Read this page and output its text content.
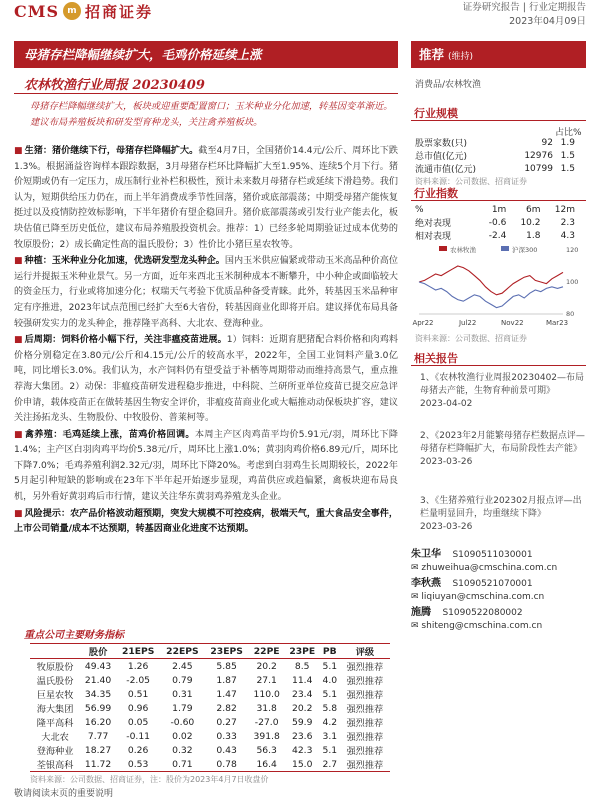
CMS m 招商证券	证券研究报告 | 行业定期报告
2023年04月09日
母猪存栏降幅继续扩大，毛鸡价格延续上涨	推荐 (维持)
农林牧渔行业周报 20230409
母猪存栏降幅继续扩大，板块或迎重要配置窗口；玉米种业分化加速，转基因变革渐近。建议布局养殖板块和研发型育种龙头，关注禽养殖板块。
■ 生猪：猪价继续下行，母猪存栏降幅扩大。截至4月7日，全国猪价14.4元/公斤、周环比下跌1.3%。根据涌益咨询样本跟踪数据，3月母猪存栏环比降幅扩大至1.95%、连续5个月下行。猪价短期或仍有一定压力，成压制行业补栏积极性，预计未来数月母猪存栏或延续下滑趋势。我们认为，短期供给压力仍在，而上半年消费成季节性回落，猪价或底部震荡；中期受母猪产能恢复挺过以及疫情防控效标影响，下半年猪价有望企稳回升。猪价底部震荡或引发行业产能去化，板块估值已降至历史低位，建议布局养殖股投资机会。推荐：1）已经多轮周期验证过成本优势的牧原股份；2）成长确定性高的温氏股份；3）性价比小猪巨星农牧等。
■ 种植：玉米种业分化加速，优选研发型龙头种企。国内玉米供应偏紧或带动玉米高品种价高位运行并提振玉米种业景气。另一方面，近年来西北玉米制种成本不断攀升，中小种企或面临较大的资金压力，行业或将加速分化；权瑞天气考验下优质品种备受青睐。此外，转基因玉米品种审定有序推进，2023年试点范围已经扩大至6大省份，转基因商业化即将开启。建议择优布局具备较强研发实力的龙头种企，推荐隆平高科、大北农、登海种业。
■ 后周期：饲料价格小幅下行，关注非瘟疫苗进展。1）饲料：近期育肥猪配合料价格和肉鸡料价格分别稳定在3.80元/公斤和4.15元/公斤的较高水平，2022年，全国工业饲料产量3.0亿吨，同比增长3.0%。我们认为，水产饲料仍有望受益于补栖等周期带动而维持高景气，重点推荐海大集团。2）动保：非瘟疫苗研发进程稳步推进，中科院、兰研所亚单位疫苗已提交应急评价申请，载体疫苗正在做转基因生物安全评价，非瘟疫苗商业化或大幅推动动保板块扩容，建议关注扬拓龙头、生物股份、中牧股份、普莱柯等。
■ 禽养殖：毛鸡延续上涨，苗鸡价格回调。本周主产区肉鸡苗平均价5.91元/羽，周环比下降1.4%；主产区白羽肉鸡平均价5.38元/斤，周环比上涨1.0%；黄羽肉鸡价格6.89元/斤，周环比下降7.0%；毛鸡养殖利润2.32元/羽，周环比下降20%。考虑到白羽鸡生长周期较长，2022年5月起引种短缺的影响或在23年下半年起开始逐步显现，鸡苗供应或趋偏紧，禽板块迎布局良机，另外看好黄羽鸡后市行情，建议关注华东黄羽鸡养殖龙头企业。
■ 风险提示：农产品价格波动超预期，突发大规模不可控疫病，极端天气，重大食品安全事件，上市公司销量/成本不达预期，转基因商业化进度不达预期。
重点公司主要财务指标
	股价	21EPS	22EPS	23EPS	22PE	23PE	PB	评级
牧原股份	49.43	1.26	2.45	5.85	20.2	8.5	5.1	强烈推荐
温氏股份	21.40	-2.05	0.79	1.87	27.1	11.4	4.0	强烈推荐
巨星农牧	34.35	0.51	0.31	1.47	110.0	23.4	5.1	强烈推荐
海大集团	56.99	0.96	1.79	2.82	31.8	20.2	5.8	强烈推荐
隆平高科	16.20	0.05	-0.60	0.27	-27.0	59.9	4.2	强烈推荐
大北农	7.77	-0.11	0.02	0.33	391.8	23.6	3.1	强烈推荐
登海种业	18.27	0.26	0.32	0.43	56.3	42.3	5.1	强烈推荐
荃银高科	11.72	0.53	0.71	0.78	16.4	15.0	2.7	强烈推荐
资料来源：公司数据、招商证券，注：股价为2023年4月7日收盘价
敬请阅读末页的重要说明
消费品/农林牧渔
行业规模
占比%
股票家数(只)	92	1.9
总市值(亿元)	12976	1.5
流通市值(亿元)	10799	1.5
资料来源：公司数据、招商证券
行业指数
%	1m	6m	12m
绝对表现	-0.6	10.2	2.3
相对表现	-2.4	1.8	4.3
农林牧渔	沪深300	120
100
80
Apr22	Jul22	Nov22	Mar23
资料来源：公司数据、招商证券
相关报告
1、《农林牧渔行业周报20230402—布局母猪去产能，生物育种前景可期》
2023-04-02
2、《2023年2月能繁母猪存栏数据点评—母猪存栏降幅扩大，布局阶段性去产能》
2023-03-26
3、《生猪养殖行业202302月报点评—出栏量明显回升，均重继续下降》
2023-03-26
朱卫华 S1090511030001
✉ zhuweihua@cmschina.com.cn
李秋燕 S1090521070001
✉ liqiuyan@cmschina.com.cn
施腾 S1090522080002
✉ shiteng@cmschina.com.cn
